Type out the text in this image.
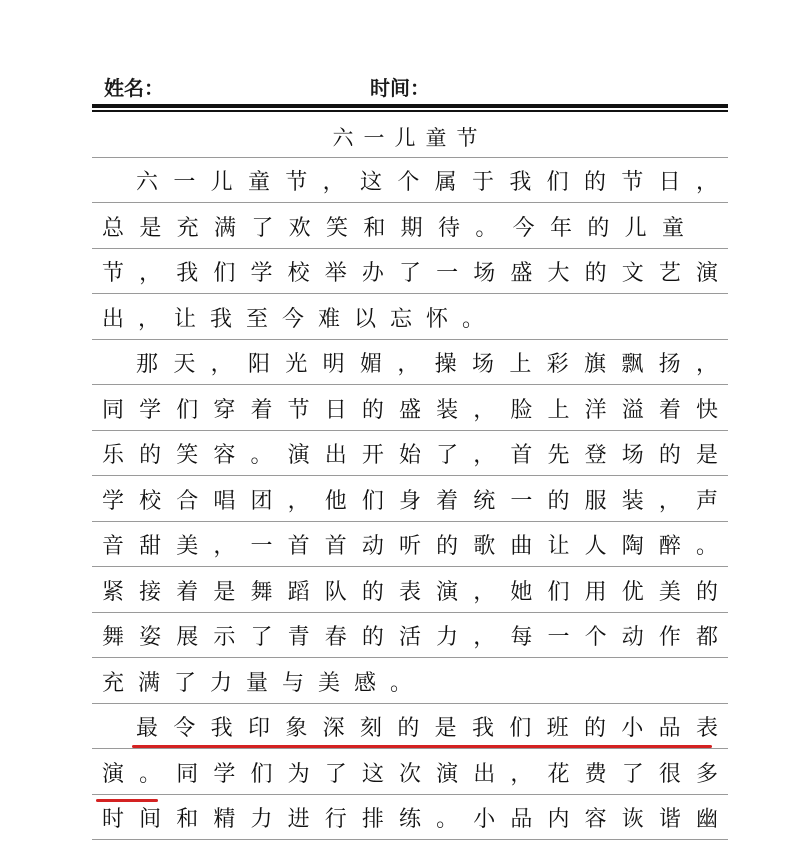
姓名：	时间：
六一儿童节
六一儿童节，这个属于我们的节日，
总是充满了欢笑和期待。今年的儿童
节，我们学校举办了一场盛大的文艺演
出，让我至今难以忘怀。
那天，阳光明媚，操场上彩旗飘扬，
同学们穿着节日的盛装，脸上洋溢着快
乐的笑容。演出开始了，首先登场的是
学校合唱团，他们身着统一的服装，声
音甜美，一首首动听的歌曲让人陶醉。
紧接着是舞蹈队的表演，她们用优美的
舞姿展示了青春的活力，每一个动作都
充满了力量与美感。
最令我印象深刻的是我们班的小品表
演。同学们为了这次演出，花费了很多
时间和精力进行排练。小品内容诙谐幽
